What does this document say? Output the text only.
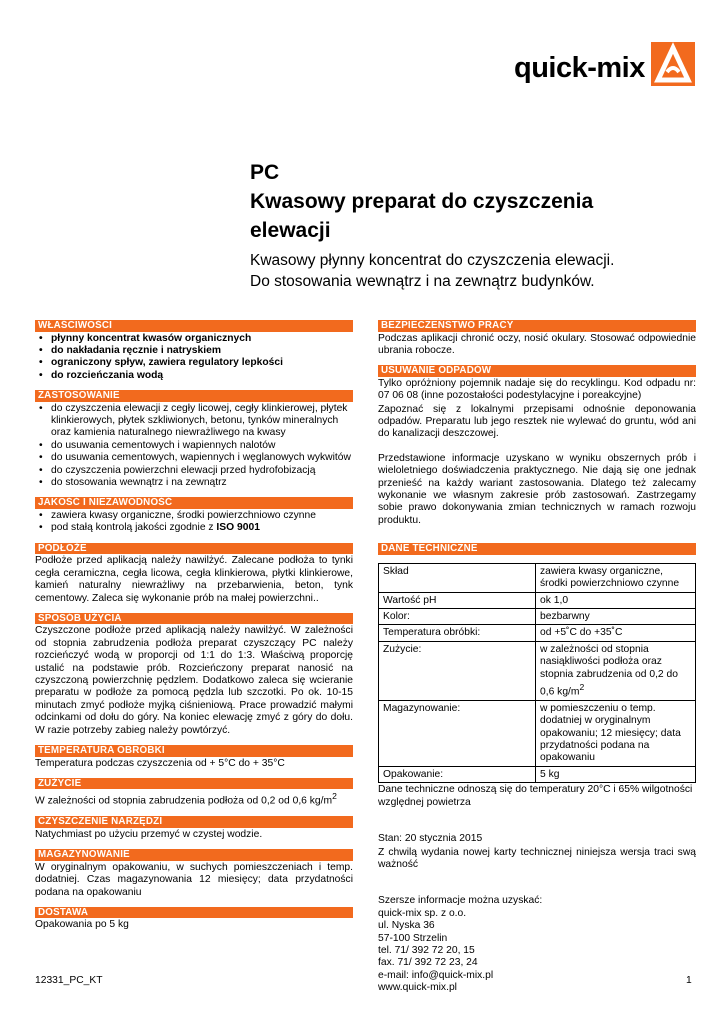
quick-mix
PC
Kwasowy preparat do czyszczenia
elewacji
Kwasowy płynny koncentrat do czyszczenia elewacji.
Do stosowania wewnątrz i na zewnątrz budynków.
WŁAŚCIWOŚCI
• płynny koncentrat kwasów organicznych
• do nakładania ręcznie i natryskiem
• ograniczony spływ, zawiera regulatory lepkości
• do rozcieńczania wodą
ZASTOSOWANIE
• do czyszczenia elewacji z cegły licowej, cegły klinkierowej, płytek klinkierowych, płytek szkliwionych, betonu, tynków mineralnych oraz kamienia naturalnego niewrażliwego na kwasy
• do usuwania cementowych i wapiennych nalotów
• do usuwania cementowych, wapiennych i węglanowych wykwitów
• do czyszczenia powierzchni elewacji przed hydrofobizacją
• do stosowania wewnątrz i na zewnątrz
JAKOŚĆ I NIEZAWODNOŚĆ
• zawiera kwasy organiczne, środki powierzchniowo czynne
• pod stałą kontrolą jakości zgodnie z ISO 9001
PODŁOŻE

Podłoże przed aplikacją należy nawilżyć. Zalecane podłoża to tynki cegła ceramiczna, cegła licowa, cegła klinkierowa, płytki klinkierowe, kamień naturalny niewrażliwy na przebarwienia, beton, tynk cementowy. Zaleca się wykonanie prób na małej powierzchni..

SPOSÓB UŻYCIA

Czyszczone podłoże przed aplikacją należy nawilżyć. W zależności od stopnia zabrudzenia podłoża preparat czyszczący PC należy rozcieńczyć wodą w proporcji od 1:1 do 1:3. Właściwą proporcję ustalić na podstawie prób. Rozcieńczony preparat nanosić na czyszczoną powierzchnię pędzlem. Dodatkowo zaleca się wcieranie preparatu w podłoże za pomocą pędzla lub szczotki. Po ok. 10-15 minutach zmyć podłoże myjką ciśnieniową. Prace prowadzić małymi odcinkami od dołu do góry. Na koniec elewację zmyć z góry do dołu. W razie potrzeby zabieg należy powtórzyć.

TEMPERATURA OBRÓBKI

Temperatura podczas czyszczenia od + 5°C do + 35°C

ZUŻYCIE

W zależności od stopnia zabrudzenia podłoża od 0,2 od 0,6 $kg/m^2$

CZYSZCZENIE NARZĘDZI

Natychmiast po użyciu przemyć w czystej wodzie.

MAGAZYNOWANIE

W oryginalnym opakowaniu, w suchych pomieszczeniach i temp. dodatniej. Czas magazynowania 12 miesięcy; data przydatności podana na opakowaniu

DOSTAWA

Opakowania po 5 kg

BEZPIECZEŃSTWO PRACY

Podczas aplikacji chronić oczy, nosić okulary. Stosować odpowiednie ubrania robocze.

USUWANIE ODPADÓW

Tylko opróżniony pojemnik nadaje się do recyklingu. Kod odpadu nr: 07 06 08 (inne pozostałości podestylacyjne i poreakcyjne)

Zapoznać się z lokalnymi przepisami odnośnie deponowania odpadów. Preparatu lub jego resztek nie wylewać do gruntu, wód ani do kanalizacji deszczowej.

Przedstawione informacje uzyskano w wyniku obszernych prób i wieloletniego doświadczenia praktycznego. Nie dają się one jednak przenieść na każdy wariant zastosowania. Dlatego też zalecamy wykonanie we własnym zakresie prób zastosowań. Zastrzegamy sobie prawo dokonywania zmian technicznych w ramach rozwoju produktu.

DANE TECHNICZNE
Skład	zawiera kwasy organiczne, środki powierzchniowo czynne
Wartość pH	ok 1,0
Kolor:	bezbarwny
Temperatura obróbki:	od +5˚C do +35˚C
Zużycie:	w zależności od stopnia nasiąkliwości podłoża oraz stopnia zabrudzenia od 0,2 do 0,6 $kg/m^2$
Magazynowanie:	w pomieszczeniu o temp. dodatniej w oryginalnym opakowaniu; 12 miesięcy; data przydatności podana na opakowaniu
Opakowanie:	5 kg

Dane techniczne odnoszą się do temperatury 20°C i 65% wilgotności względnej powietrza

Stan: 20 stycznia 2015

Z chwilą wydania nowej karty technicznej niniejsza wersja traci swą ważność

Szersze informacje można uzyskać:
quick-mix sp. z o.o.
ul. Nyska 36
57-100 Strzelin
tel. 71/ 392 72 20, 15
fax. 71/ 392 72 23, 24
e-mail: info@quick-mix.pl
www.quick-mix.pl
12331_PC_KT	1
